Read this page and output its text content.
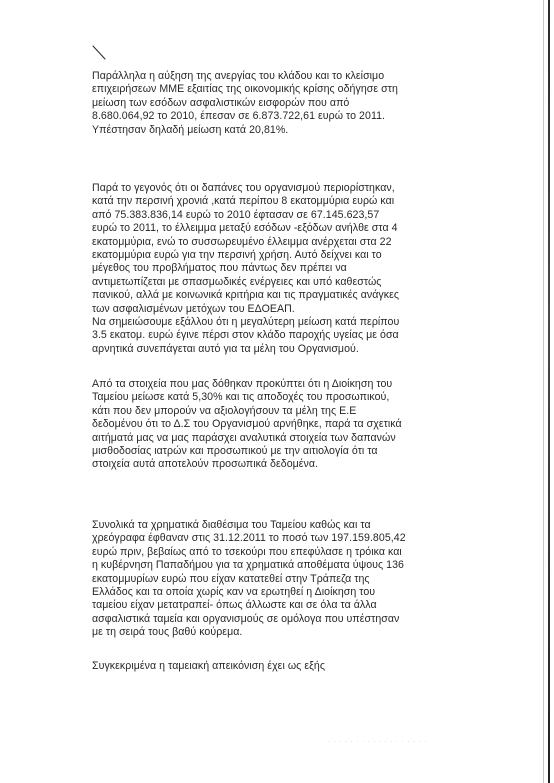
Παράλληλα η αύξηση της ανεργίας του κλάδου και το κλείσιμο
επιχειρήσεων ΜΜΕ εξαιτίας της οικονομικής κρίσης οδήγησε στη
μείωση των εσόδων ασφαλιστικών εισφορών που από
8.680.064,92 το 2010, έπεσαν σε 6.873.722,61 ευρώ το 2011.
Υπέστησαν δηλαδή μείωση κατά 20,81%.
Παρά το γεγονός ότι οι δαπάνες του οργανισμού περιορίστηκαν,
κατά την περσινή χρονιά ,κατά περίπου 8 εκατομμύρια ευρώ και
από 75.383.836,14 ευρώ το 2010 έφτασαν σε 67.145.623,57
ευρώ το 2011, το έλλειμμα μεταξύ εσόδων -εξόδων ανήλθε στα 4
εκατομμύρια, ενώ το συσσωρευμένο έλλειμμα ανέρχεται στα 22
εκατομμύρια ευρώ για την περσινή χρήση. Αυτό δείχνει και το
μέγεθος του προβλήματος που πάντως δεν πρέπει να
αντιμετωπίζεται με σπασμωδικές ενέργειες και υπό καθεστώς
πανικού, αλλά με κοινωνικά κριτήρια και τις πραγματικές ανάγκες
των ασφαλισμένων μετόχων του ΕΔΟΕΑΠ.
Να σημειώσουμε εξάλλου ότι η μεγαλύτερη μείωση κατά περίπου
3.5 εκατομ. ευρώ έγινε πέρσι στον κλάδο παροχής υγείας με όσα
αρνητικά συνεπάγεται αυτό για τα μέλη του Οργανισμού.
Από τα στοιχεία που μας δόθηκαν προκύπτει ότι η Διοίκηση του
Ταμείου μείωσε κατά 5,30% και τις αποδοχές του προσωπικού,
κάτι που δεν μπορούν να αξιολογήσουν τα μέλη της Ε.Ε
δεδομένου ότι το Δ.Σ του Οργανισμού αρνήθηκε, παρά τα σχετικά
αιτήματά μας να μας παράσχει αναλυτικά στοιχεία των δαπανών
μισθοδοσίας ιατρών και προσωπικού με την αιτιολογία ότι τα
στοιχεία αυτά αποτελούν προσωπικά δεδομένα.
Συνολικά τα χρηματικά διαθέσιμα του Ταμείου καθώς και τα
χρεόγραφα έφθαναν στις 31.12.2011 το ποσό των 197.159.805,42
ευρώ πριν, βεβαίως από το τσεκούρι που επεφύλασε η τρόικα και
η κυβέρνηση Παπαδήμου για τα χρηματικά αποθέματα ύψους 136
εκατομμυρίων ευρώ που είχαν κατατεθεί στην Τράπεζα της
Ελλάδος και τα οποία χωρίς καν να ερωτηθεί η Διοίκηση του
ταμείου είχαν μετατραπεί- όπως άλλωστε και σε όλα τα άλλα
ασφαλιστικά ταμεία και οργανισμούς σε ομόλογα που υπέστησαν
με τη σειρά τους βαθύ κούρεμα.
Συγκεκριμένα η ταμειακή απεικόνιση έχει ως εξής
· · · · · · · · · · · · · · · · · ·
